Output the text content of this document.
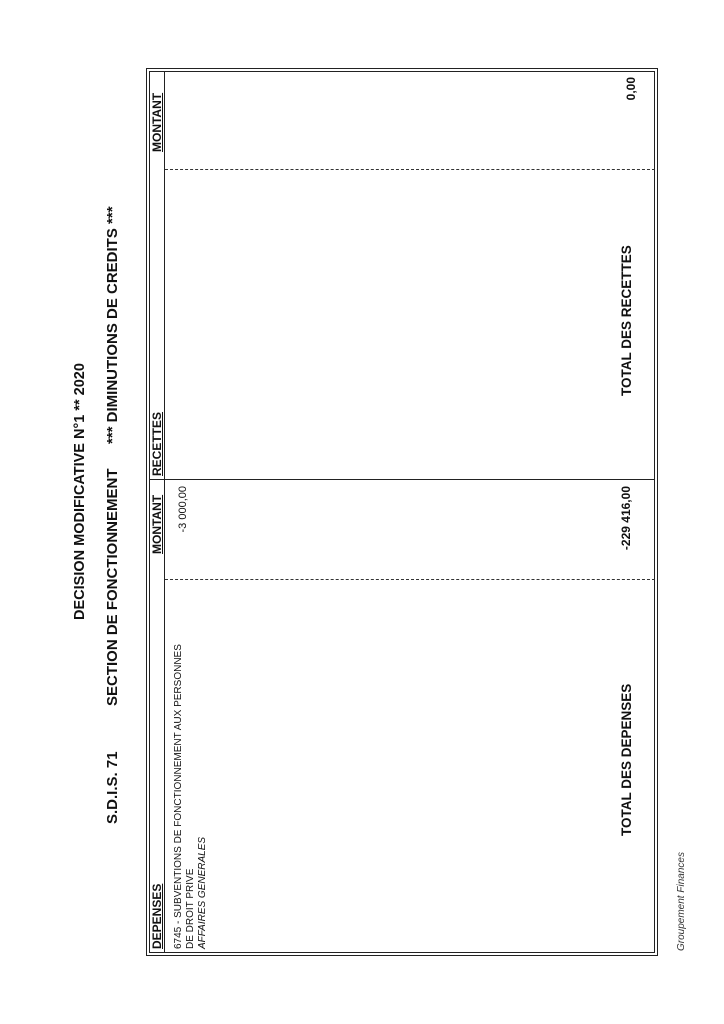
DECISION MODIFICATIVE N°1 ** 2020
S.D.I.S. 71
SECTION DE FONCTIONNEMENT
*** DIMINUTIONS DE CREDITS ***
DEPENSES
MONTANT
RECETTES
MONTANT
6745 - SUBVENTIONS DE FONCTIONNEMENT AUX PERSONNES DE DROIT PRIVE AFFAIRES GENERALES
-3 000,00
TOTAL DES DEPENSES
-229 416,00
TOTAL DES RECETTES
0,00
Groupement Finances
